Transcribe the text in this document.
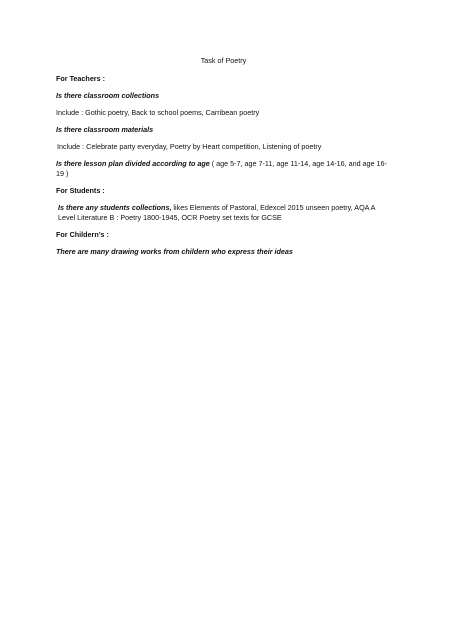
Task of Poetry
For Teachers :
Is there classroom collections
Include : Gothic poetry, Back to school poems, Carribean poetry
Is there classroom materials
Include : Celebrate party everyday, Poetry by Heart competition, Listening of poetry
Is there lesson plan divided according to age ( age 5-7, age 7-11, age 11-14, age 14-16, and age 16-19 )
For Students :
Is there any students collections, likes Elements of Pastoral, Edexcel 2015 unseen poetry, AQA A Level Literature B : Poetry 1800-1945, OCR Poetry set texts for GCSE
For Childern’s :
There are many drawing works from childern who express their ideas
